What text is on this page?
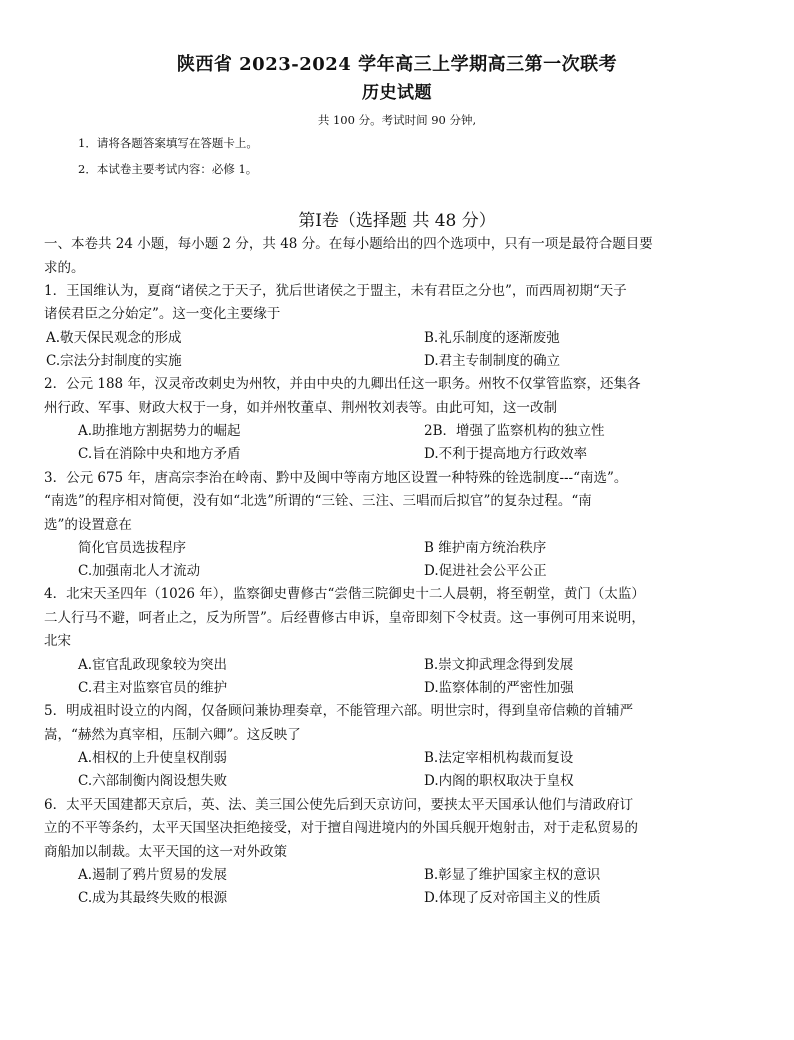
陕西省 2023-2024 学年高三上学期高三第一次联考
历史试题
共 100 分。考试时间 90 分钟,
1．请将各题答案填写在答题卡上。
2．本试卷主要考试内容：必修 1。
第Ⅰ卷（选择题 共 48 分）
一、本卷共 24 小题，每小题 2 分，共 48 分。在每小题给出的四个选项中，只有一项是最符合题目要
求的。
1．王国维认为，夏商“诸侯之于天子，犹后世诸侯之于盟主，未有君臣之分也”，而西周初期“天子
诸侯君臣之分始定”。这一变化主要缘于
A.敬天保民观念的形成	B.礼乐制度的逐渐废弛
C.宗法分封制度的实施	D.君主专制制度的确立
2．公元 188 年，汉灵帝改刺史为州牧，并由中央的九卿出任这一职务。州牧不仅掌管监察，还集各
州行政、军事、财政大权于一身，如并州牧董卓、荆州牧刘表等。由此可知，这一改制
A.助推地方割据势力的崛起	2B．增强了监察机构的独立性
C.旨在消除中央和地方矛盾	D.不利于提高地方行政效率
3．公元 675 年，唐高宗李治在岭南、黔中及闽中等南方地区设置一种特殊的铨选制度---“南选”。
“南选”的程序相对简便，没有如“北选”所谓的“三铨、三注、三唱而后拟官”的复杂过程。“南
选”的设置意在
简化官员选拔程序	B 维护南方统治秩序
C.加强南北人才流动	D.促进社会公平公正
4．北宋天圣四年（1026 年），监察御史曹修古“尝偕三院御史十二人晨朝，将至朝堂，黄门（太监）
二人行马不避，呵者止之，反为所詈”。后经曹修古申诉，皇帝即刻下令杖责。这一事例可用来说明，
北宋
A.宦官乱政现象较为突出	B.崇文抑武理念得到发展
C.君主对监察官员的维护	D.监察体制的严密性加强
5．明成祖时设立的内阁，仅备顾问兼协理奏章，不能管理六部。明世宗时，得到皇帝信赖的首辅严
嵩，“赫然为真宰相，压制六卿”。这反映了
A.相权的上升使皇权削弱	B.法定宰相机构裁而复设
C.六部制衡内阁设想失败	D.内阁的职权取决于皇权
6．太平天国建都天京后，英、法、美三国公使先后到天京访问，要挟太平天国承认他们与清政府订
立的不平等条约，太平天国坚决拒绝接受，对于擅自闯进境内的外国兵舰开炮射击，对于走私贸易的
商船加以制裁。太平天国的这一对外政策
A.遏制了鸦片贸易的发展	B.彰显了维护国家主权的意识
C.成为其最终失败的根源	D.体现了反对帝国主义的性质
